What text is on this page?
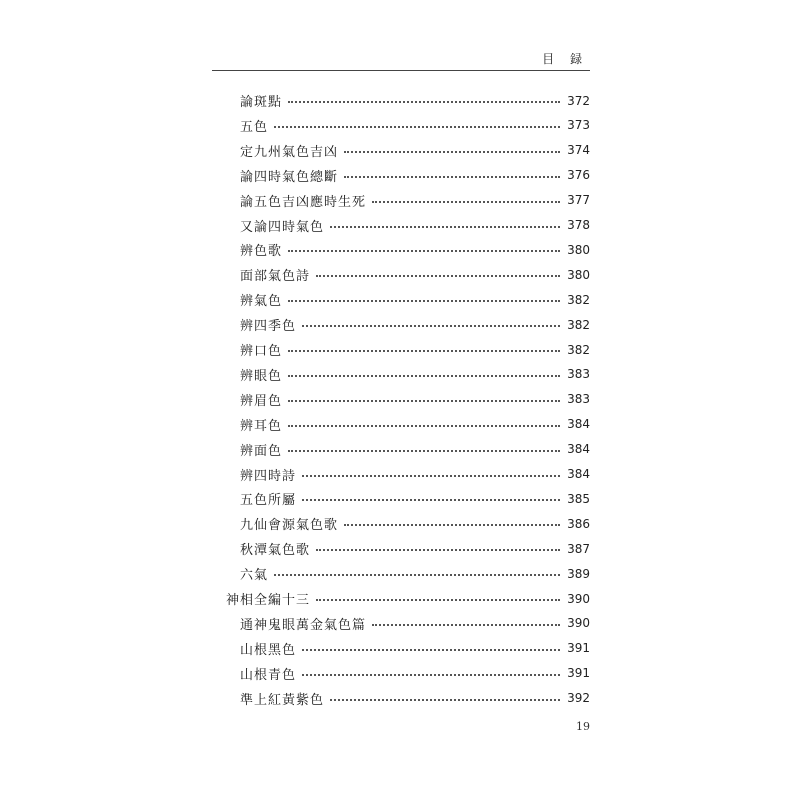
目 録
論斑點	372
五色	373
定九州氣色吉凶	374
論四時氣色總斷	376
論五色吉凶應時生死	377
又論四時氣色	378
辨色歌	380
面部氣色詩	380
辨氣色	382
辨四季色	382
辨口色	382
辨眼色	383
辨眉色	383
辨耳色	384
辨面色	384
辨四時詩	384
五色所屬	385
九仙會源氣色歌	386
秋潭氣色歌	387
六氣	389
神相全編十三	390
通神鬼眼萬金氣色篇	390
山根黑色	391
山根青色	391
準上紅黃紫色	392
19
